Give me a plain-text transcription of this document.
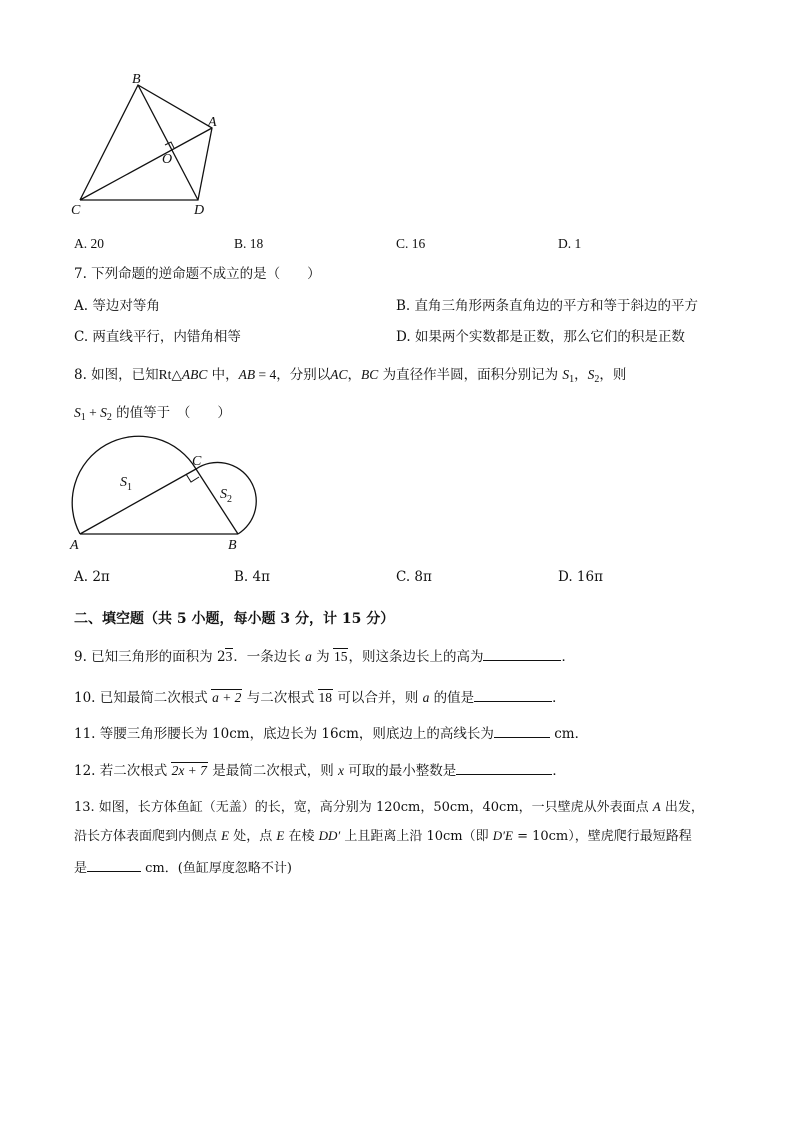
B
A
O
C	D
A. 20	B. 18	C. 16	D. 1
7. 下列命题的逆命题不成立的是（　　）
A. 等边对等角	B. 直角三角形两条直角边的平方和等于斜边的平方
C. 两直线平行，内错角相等	D. 如果两个实数都是正数，那么它们的积是正数
8. 如图，已知Rt△ABC 中，AB = 4，分别以AC，BC 为直径作半圆，面积分别记为 $S_1$，$S_2$，则
$S_1 + S_2$ 的值等于　（　　）
$S_1$	$S_2$
C
A	B
A. 2π	B. 4π	C. 8π	D. 16π
二、填空题（共 5 小题，每小题 3 分，计 15 分）
9. 已知三角形的面积为 23．一条边长 a 为 15，则这条边长上的高为	．
10. 已知最简二次根式 a + 2 与二次根式 18 可以合并，则 a 的值是	．
11. 等腰三角形腰长为 10cm，底边长为 16cm，则底边上的高线长为	cm．
12. 若二次根式 2x + 7 是最简二次根式，则 x 可取的最小整数是	．
13. 如图，长方体鱼缸（无盖）的长，宽，高分别为 120cm，50cm，40cm，一只壁虎从外表面点 A 出发，
沿长方体表面爬到内侧点 E 处，点 E 在棱 DD′ 上且距离上沿 10cm（即 D′E = 10cm），壁虎爬行最短路程
是	cm．(鱼缸厚度忽略不计)
